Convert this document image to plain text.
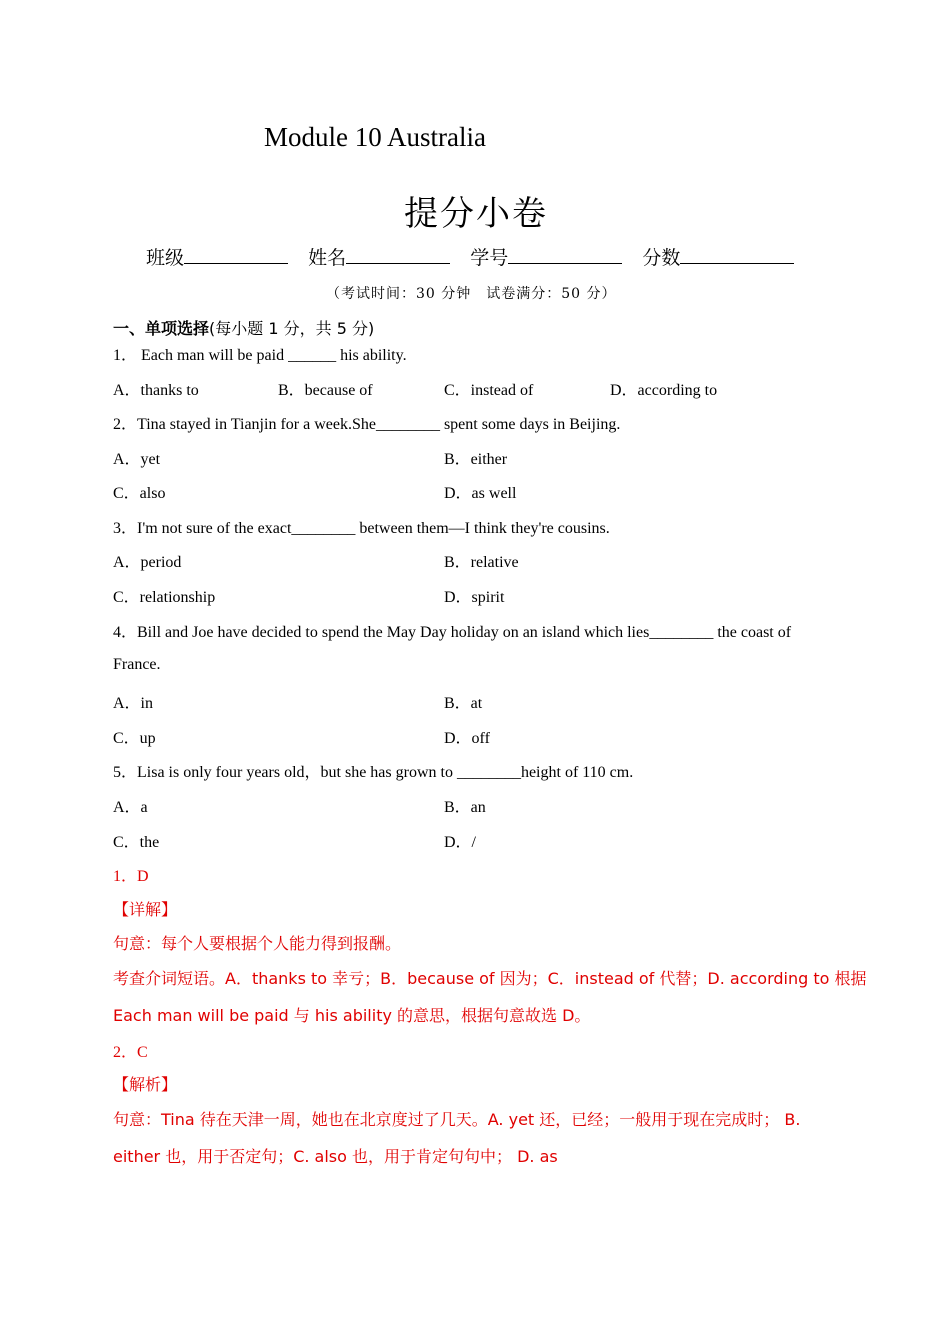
Module 10 Australia
提分小卷
班级	姓名	学号	分数
（考试时间：30 分钟　试卷满分：50 分）
一、单项选择(每小题 1 分，共 5 分)
1． Each man will be paid ______ his ability.
A．thanks to	B．because of	C．instead of	D．according to
2．Tina stayed in Tianjin for a week.She________ spent some days in Beijing.
A．yet	B．either
C．also	D．as well
3．I'm not sure of the exact________ between them—I think they're cousins.
A．period	B．relative
C．relationship	D．spirit
4．Bill and Joe have decided to spend the May Day holiday on an island which lies________ the coast of
France.
A．in	B．at
C．up	D．off
5．Lisa is only four years old，but she has grown to ________height of 110 cm.
A．a	B．an
C．the	D．/
1．D
【详解】
句意：每个人要根据个人能力得到报酬。
考查介词短语。A．thanks to 幸亏；B．because of 因为；C．instead of 代替；D. according to 根据
Each man will be paid 与 his ability 的意思，根据句意故选 D。
2．C
【解析】
句意：Tina 待在天津一周，她也在北京度过了几天。A. yet 还，已经；一般用于现在完成时； B.
either 也，用于否定句；C. also 也，用于肯定句句中； D. as
